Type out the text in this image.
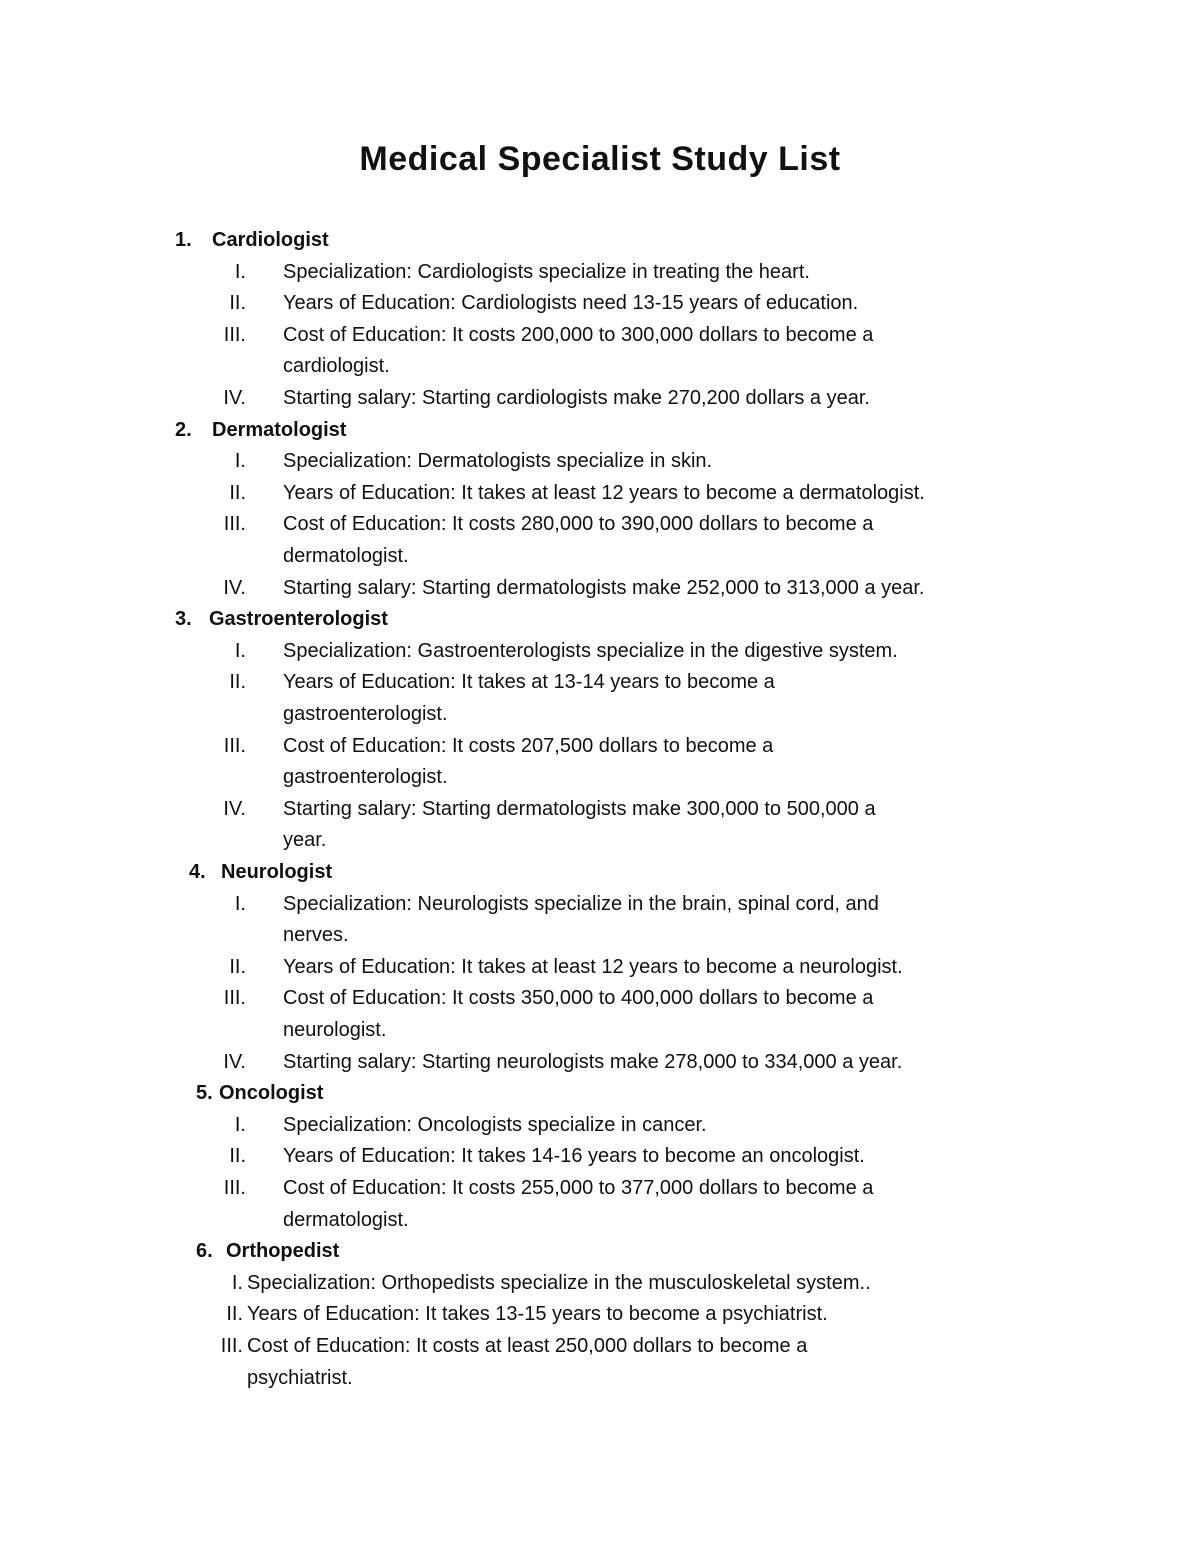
Medical Specialist Study List
1. Cardiologist
I. Specialization: Cardiologists specialize in treating the heart.
II. Years of Education: Cardiologists need 13-15 years of education.
III. Cost of Education: It costs 200,000 to 300,000 dollars to become a
cardiologist.
IV. Starting salary: Starting cardiologists make 270,200 dollars a year.
2. Dermatologist
I. Specialization: Dermatologists specialize in skin.
II. Years of Education: It takes at least 12 years to become a dermatologist.
III. Cost of Education: It costs 280,000 to 390,000 dollars to become a
dermatologist.
IV. Starting salary: Starting dermatologists make 252,000 to 313,000 a year.
3. Gastroenterologist
I. Specialization: Gastroenterologists specialize in the digestive system.
II. Years of Education: It takes at 13-14 years to become a
gastroenterologist.
III. Cost of Education: It costs 207,500 dollars to become a
gastroenterologist.
IV. Starting salary: Starting dermatologists make 300,000 to 500,000 a
year.
4. Neurologist
I. Specialization: Neurologists specialize in the brain, spinal cord, and
nerves.
II. Years of Education: It takes at least 12 years to become a neurologist.
III. Cost of Education: It costs 350,000 to 400,000 dollars to become a
neurologist.
IV. Starting salary: Starting neurologists make 278,000 to 334,000 a year.
5. Oncologist
I. Specialization: Oncologists specialize in cancer.
II. Years of Education: It takes 14-16 years to become an oncologist.
III. Cost of Education: It costs 255,000 to 377,000 dollars to become a
dermatologist.
6. Orthopedist
I. Specialization: Orthopedists specialize in the musculoskeletal system..
II. Years of Education: It takes 13-15 years to become a psychiatrist.
III. Cost of Education: It costs at least 250,000 dollars to become a
psychiatrist.
